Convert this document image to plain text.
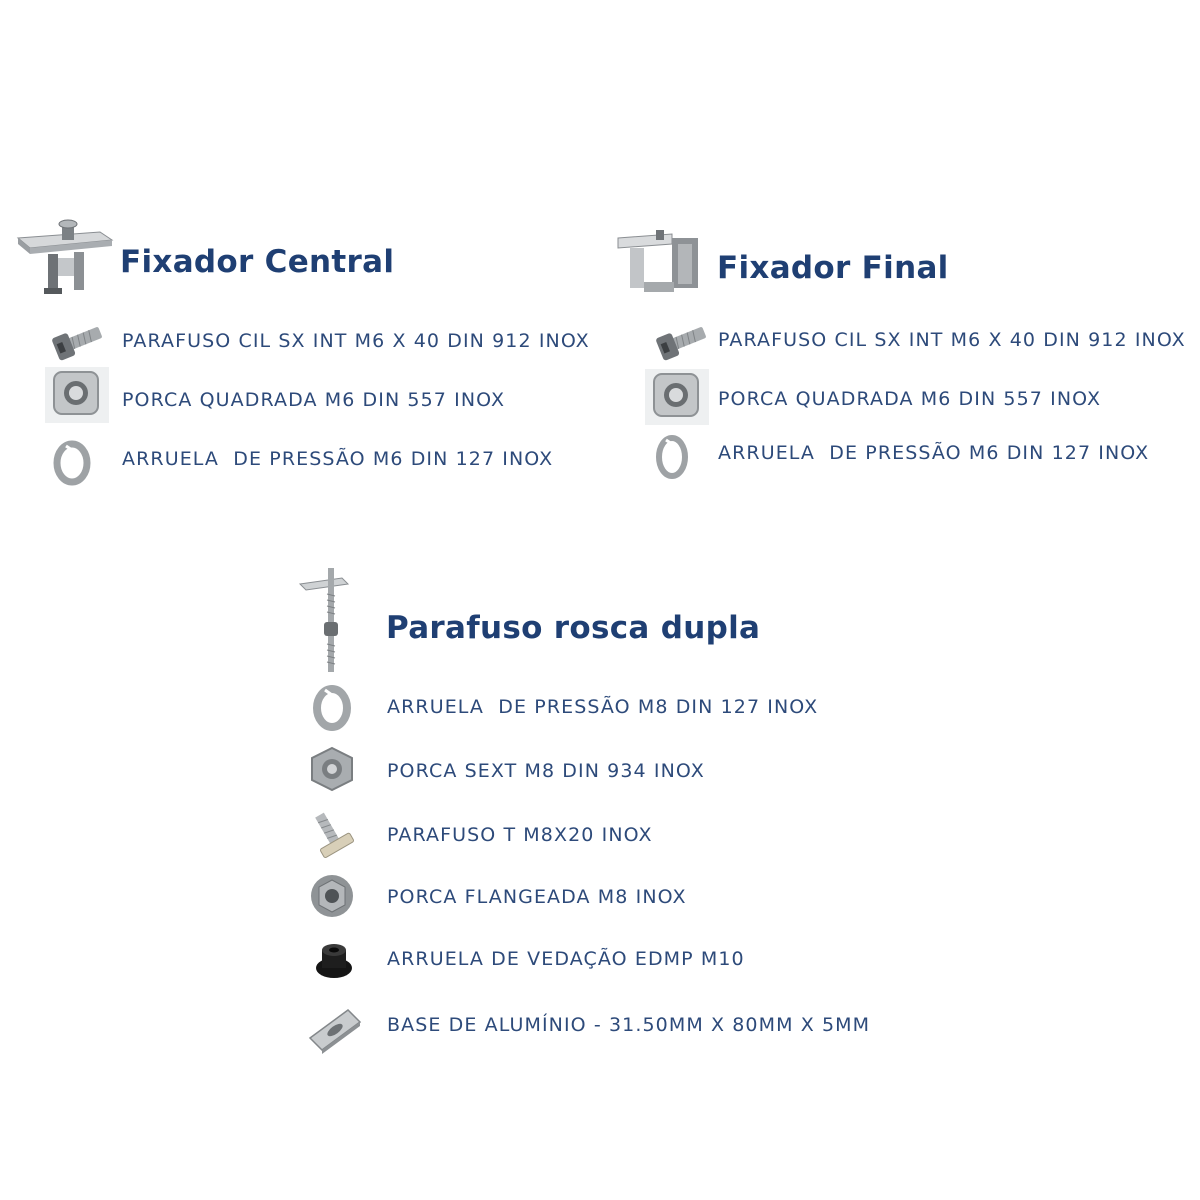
Fixador Central
PARAFUSO CIL SX INT M6 X 40 DIN 912 INOX
PORCA QUADRADA M6 DIN 557 INOX
ARRUELA  DE PRESSÃO M6 DIN 127 INOX
Fixador Final
PARAFUSO CIL SX INT M6 X 40 DIN 912 INOX
PORCA QUADRADA M6 DIN 557 INOX
ARRUELA  DE PRESSÃO M6 DIN 127 INOX
Parafuso rosca dupla
ARRUELA  DE PRESSÃO M8 DIN 127 INOX
PORCA SEXT M8 DIN 934 INOX
PARAFUSO T M8X20 INOX
PORCA FLANGEADA M8 INOX
ARRUELA DE VEDAÇÃO EDMP M10
BASE DE ALUMÍNIO - 31.50MM X 80MM X 5MM
